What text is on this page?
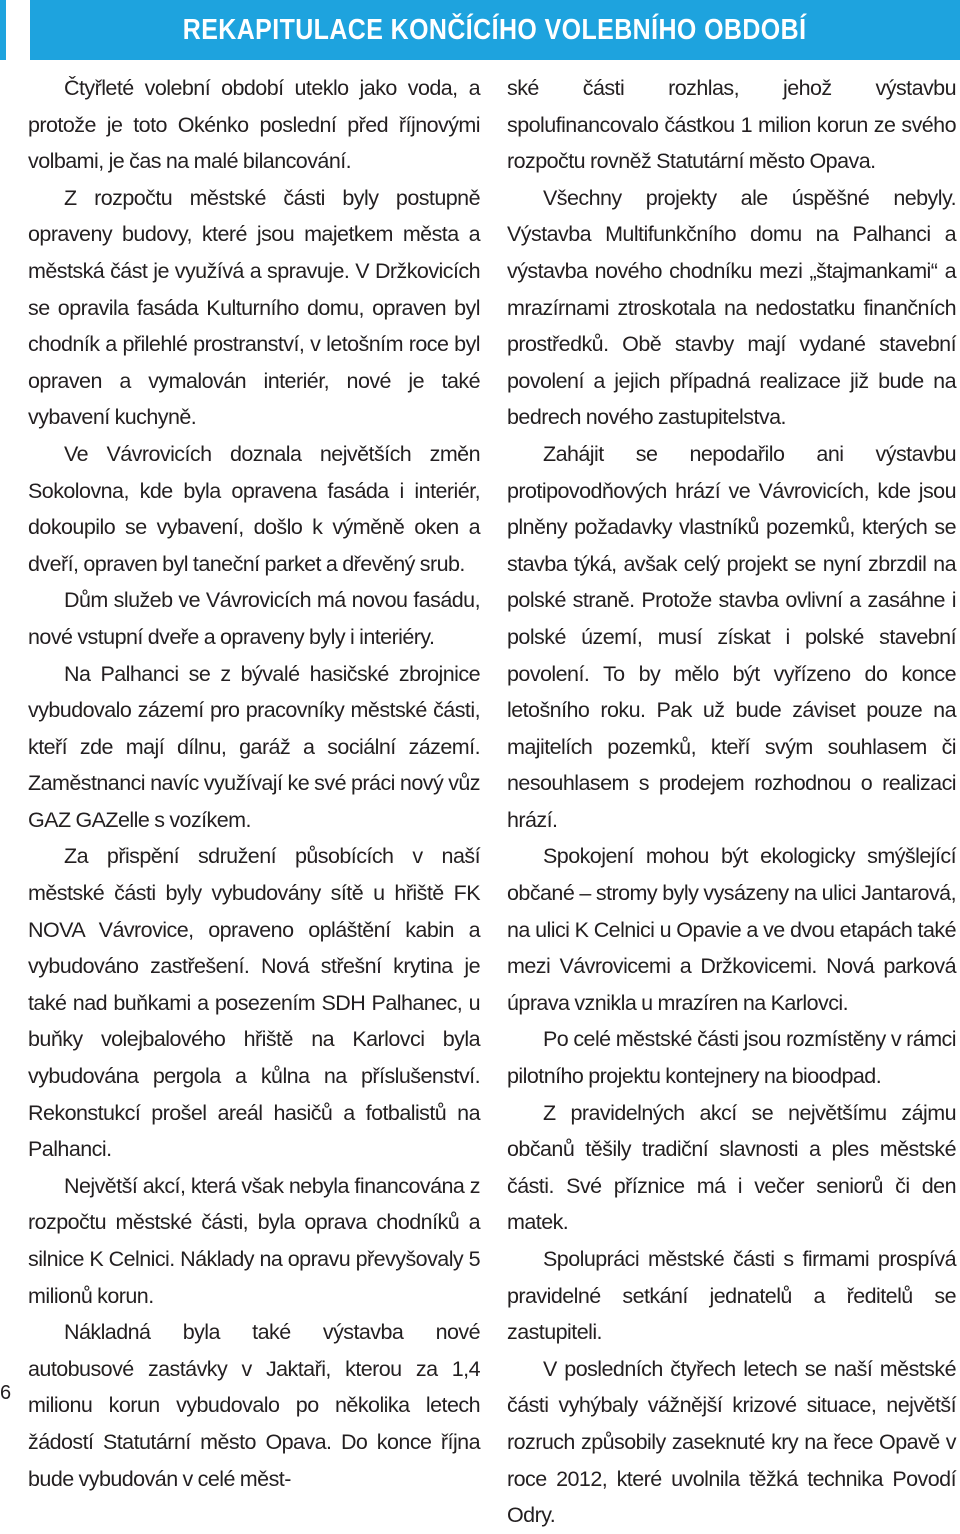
REKAPITULACE KONČÍCÍHO VOLEBNÍHO OBDOBÍ

Čtyřleté volební období uteklo jako voda, a protože je toto Okénko poslední před říjnovými volbami, je čas na malé bilancování.

Z rozpočtu městské části byly postupně opraveny budovy, které jsou majetkem města a městská část je využívá a spravuje. V Držkovicích se opravila fasáda Kulturního domu, opraven byl chodník a přilehlé prostranství, v letošním roce byl opraven a vymalován interiér, nové je také vybavení kuchyně.

Ve Vávrovicích doznala největších změn Sokolovna, kde byla opravena fasáda i interiér, dokoupilo se vybavení, došlo k výměně oken a dveří, opraven byl taneční parket a dřevěný srub.

Dům služeb ve Vávrovicích má novou fasádu, nové vstupní dveře a opraveny byly i interiéry.

Na Palhanci se z bývalé hasičské zbrojnice vybudovalo zázemí pro pracovníky městské části, kteří zde mají dílnu, garáž a sociální zázemí. Zaměstnanci navíc využívají ke své práci nový vůz GAZ GAZelle s vozíkem.

Za přispění sdružení působících v naší městské části byly vybudovány sítě u hřiště FK NOVA Vávrovice, opraveno opláštění kabin a vybudováno zastřešení. Nová střešní krytina je také nad buňkami a posezením SDH Palhanec, u buňky volejbalového hřiště na Karlovci byla vybudována pergola a kůlna na příslušenství. Rekonstukcí prošel areál hasičů a fotbalistů na Palhanci.

Největší akcí, která však nebyla financována z rozpočtu městské části, byla oprava chodníků a silnice K Celnici. Náklady na opravu převyšovaly 5 milionů korun.

Nákladná byla také výstavba nové autobusové zastávky v Jaktaři, kterou za 1,4 milionu korun vybudovalo po několika letech žádostí Statutární město Opava. Do konce října bude vybudován v celé měst-

ské části rozhlas, jehož výstavbu spolufinancovalo částkou 1 milion korun ze svého rozpočtu rovněž Statutární město Opava.

Všechny projekty ale úspěšné nebyly. Výstavba Multifunkčního domu na Palhanci a výstavba nového chodníku mezi „štajmankami“ a mrazírnami ztroskotala na nedostatku finančních prostředků. Obě stavby mají vydané stavební povolení a jejich případná realizace již bude na bedrech nového zastupitelstva.

Zahájit se nepodařilo ani výstavbu protipovodňových hrází ve Vávrovicích, kde jsou plněny požadavky vlastníků pozemků, kterých se stavba týká, avšak celý projekt se nyní zbrzdil na polské straně. Protože stavba ovlivní a zasáhne i polské území, musí získat i polské stavební povolení. To by mělo být vyřízeno do konce letošního roku. Pak už bude záviset pouze na majitelích pozemků, kteří svým souhlasem či nesouhlasem s prodejem rozhodnou o realizaci hrází.

Spokojení mohou být ekologicky smýšlející občané – stromy byly vysázeny na ulici Jantarová, na ulici K Celnici u Opavie a ve dvou etapách také mezi Vávrovicemi a Držkovicemi. Nová parková úprava vznikla u mrazíren na Karlovci.

Po celé městské části jsou rozmístěny v rámci pilotního projektu kontejnery na bioodpad.

Z pravidelných akcí se největšímu zájmu občanů těšily tradiční slavnosti a ples městské části. Své příznice má i večer seniorů či den matek.

Spolupráci městské části s firmami prospívá pravidelné setkání jednatelů a ředitelů se zastupiteli.

V posledních čtyřech letech se naší městské části vyhýbaly vážnější krizové situace, největší rozruch způsobily zaseknuté kry na řece Opavě v roce 2012, které uvolnila těžká technika Povodí Odry.

6
